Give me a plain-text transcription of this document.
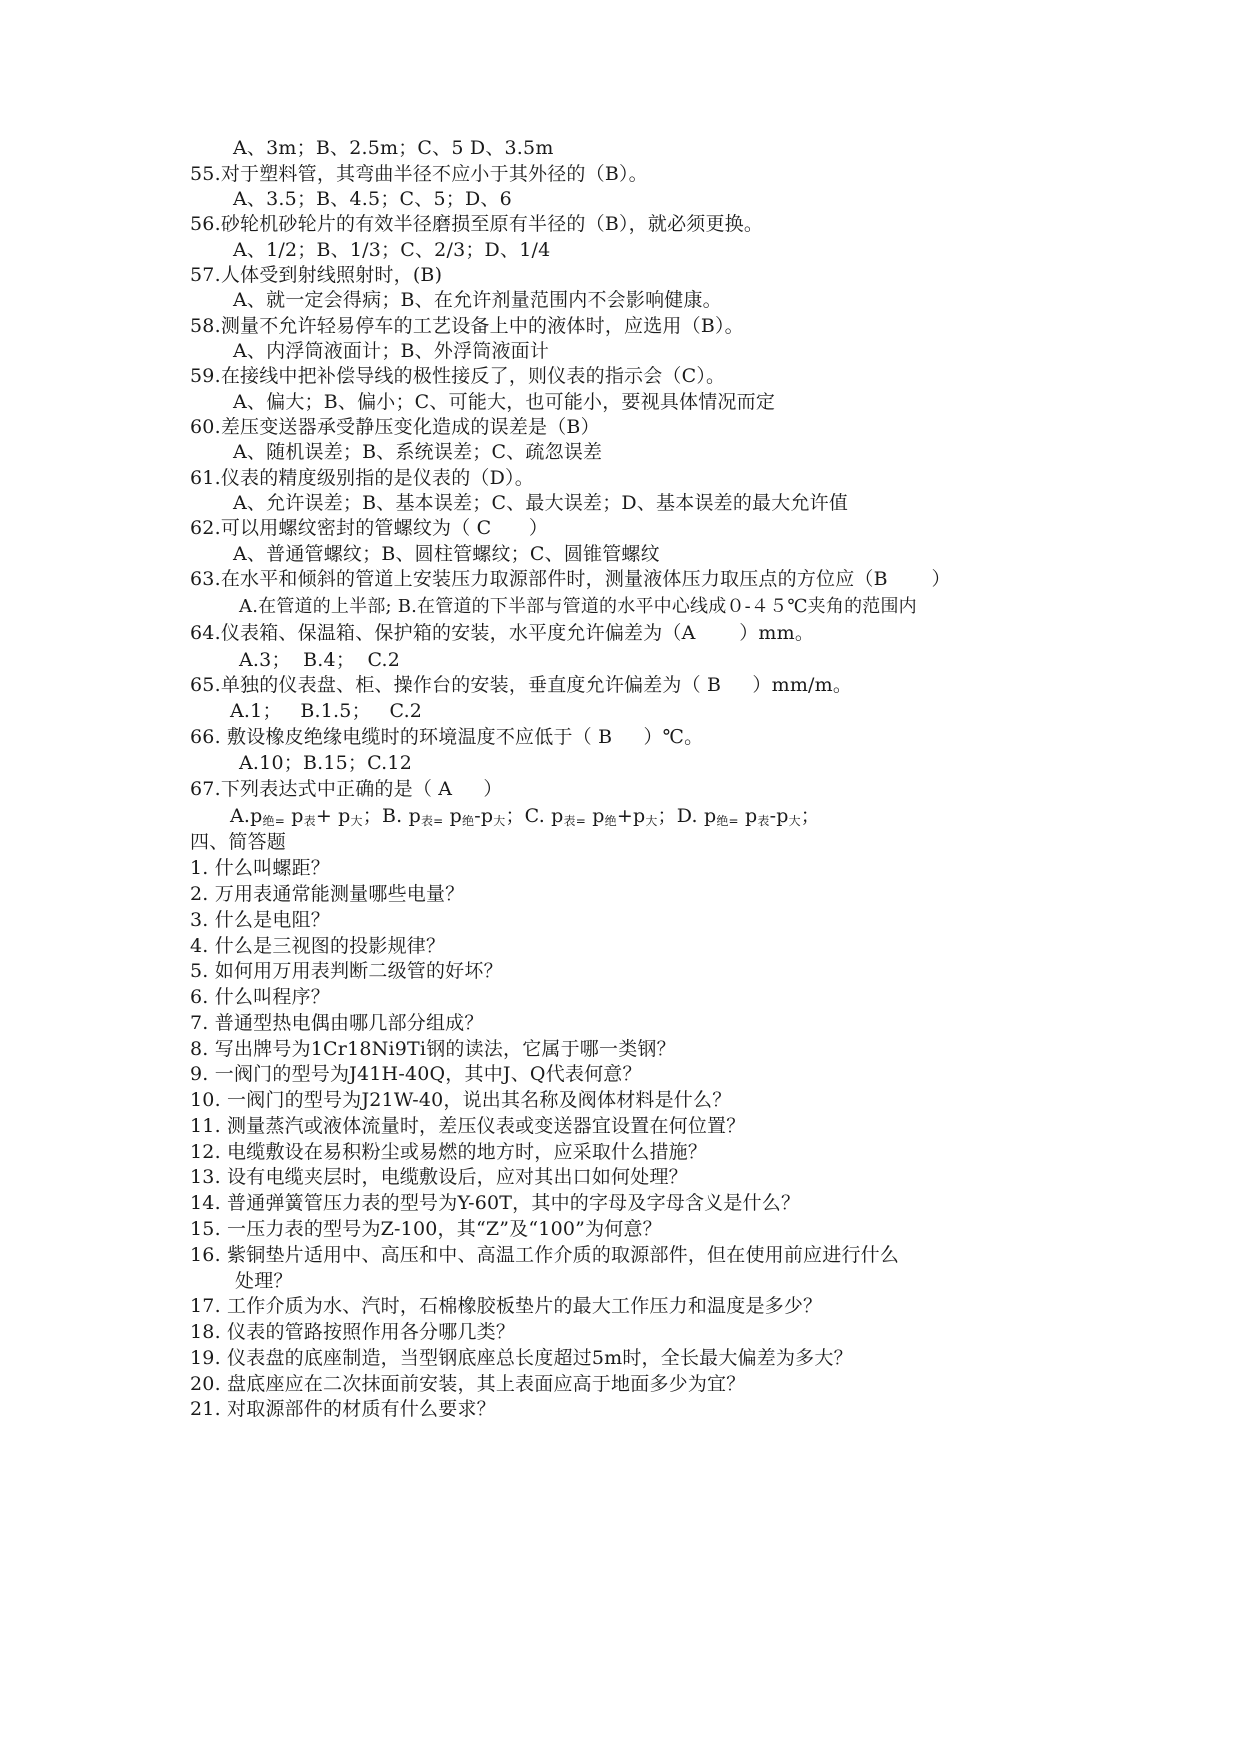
A、3m；B、2.5m；C、5 D、3.5m
55.对于塑料管，其弯曲半径不应小于其外径的（B）。
A、3.5；B、4.5；C、5；D、6
56.砂轮机砂轮片的有效半径磨损至原有半径的（B），就必须更换。
A、1/2；B、1/3；C、2/3；D、1/4
57.人体受到射线照射时，(B)
A、就一定会得病；B、在允许剂量范围内不会影响健康。
58.测量不允许轻易停车的工艺设备上中的液体时，应选用（B）。
A、内浮筒液面计；B、外浮筒液面计
59.在接线中把补偿导线的极性接反了，则仪表的指示会（C）。
A、偏大；B、偏小；C、可能大，也可能小，要视具体情况而定
60.差压变送器承受静压变化造成的误差是（B）
A、随机误差；B、系统误差；C、疏忽误差
61.仪表的精度级别指的是仪表的（D）。
A、允许误差；B、基本误差；C、最大误差；D、基本误差的最大允许值
62.可以用螺纹密封的管螺纹为（ C      ）
A、普通管螺纹；B、圆柱管螺纹；C、圆锥管螺纹
63.在水平和倾斜的管道上安装压力取源部件时，测量液体压力取压点的方位应（B       ）
A.在管道的上半部; B.在管道的下半部与管道的水平中心线成０-４５℃夹角的范围内
64.仪表箱、保温箱、保护箱的安装，水平度允许偏差为（A       ）mm。
A.3；  B.4；  C.2
65.单独的仪表盘、柜、操作台的安装，垂直度允许偏差为（ B     ）mm/m。
A.1；   B.1.5；   C.2
66. 敷设橡皮绝缘电缆时的环境温度不应低于（ B     ）℃。
A.10；B.15；C.12
67.下列表达式中正确的是（ A     ）
$A.p_{绝=}$ $p_表+ p_大$；B. $p_{表=}$ $p_绝-p_大$；C. $p_{表=}$ $p_绝+p_大$；D. $p_{绝=}$ $p_表-p_大$；
四、简答题
1. 什么叫螺距？
2. 万用表通常能测量哪些电量？
3. 什么是电阻？
4. 什么是三视图的投影规律？
5. 如何用万用表判断二级管的好坏？
6. 什么叫程序？
7. 普通型热电偶由哪几部分组成？
8. 写出牌号为1Cr18Ni9Ti钢的读法，它属于哪一类钢？
9. 一阀门的型号为J41H-40Q，其中J、Q代表何意？
10. 一阀门的型号为J21W-40，说出其名称及阀体材料是什么？
11. 测量蒸汽或液体流量时，差压仪表或变送器宜设置在何位置？
12. 电缆敷设在易积粉尘或易燃的地方时，应采取什么措施？
13. 设有电缆夹层时，电缆敷设后，应对其出口如何处理？
14. 普通弹簧管压力表的型号为Y-60T，其中的字母及字母含义是什么？
15. 一压力表的型号为Z-100，其“Z”及“100”为何意？
16. 紫铜垫片适用中、高压和中、高温工作介质的取源部件，但在使用前应进行什么
处理？
17. 工作介质为水、汽时，石棉橡胶板垫片的最大工作压力和温度是多少？
18. 仪表的管路按照作用各分哪几类？
19. 仪表盘的底座制造，当型钢底座总长度超过5m时，全长最大偏差为多大？
20. 盘底座应在二次抹面前安装，其上表面应高于地面多少为宜？
21. 对取源部件的材质有什么要求？
